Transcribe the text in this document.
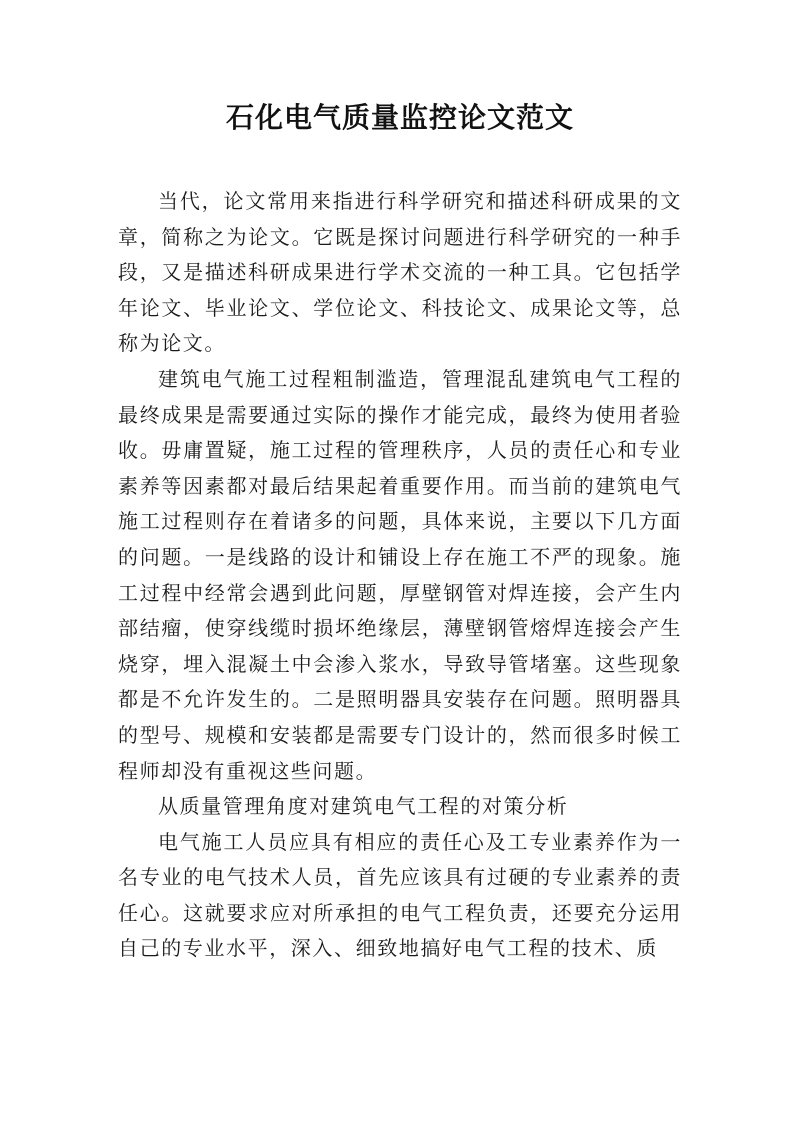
石化电气质量监控论文范文

当代，论文常用来指进行科学研究和描述科研成果的文章，简称之为论文。它既是探讨问题进行科学研究的一种手段，又是描述科研成果进行学术交流的一种工具。它包括学年论文、毕业论文、学位论文、科技论文、成果论文等，总称为论文。

建筑电气施工过程粗制滥造，管理混乱建筑电气工程的最终成果是需要通过实际的操作才能完成，最终为使用者验收。毋庸置疑，施工过程的管理秩序，人员的责任心和专业素养等因素都对最后结果起着重要作用。而当前的建筑电气施工过程则存在着诸多的问题，具体来说，主要以下几方面的问题。一是线路的设计和铺设上存在施工不严的现象。施工过程中经常会遇到此问题，厚壁钢管对焊连接，会产生内部结瘤，使穿线缆时损坏绝缘层，薄壁钢管熔焊连接会产生烧穿，埋入混凝土中会渗入浆水，导致导管堵塞。这些现象都是不允许发生的。二是照明器具安装存在问题。照明器具的型号、规模和安装都是需要专门设计的，然而很多时候工程师却没有重视这些问题。

从质量管理角度对建筑电气工程的对策分析

电气施工人员应具有相应的责任心及工专业素养作为一名专业的电气技术人员，首先应该具有过硬的专业素养的责任心。这就要求应对所承担的电气工程负责，还要充分运用自己的专业水平，深入、细致地搞好电气工程的技术、质
